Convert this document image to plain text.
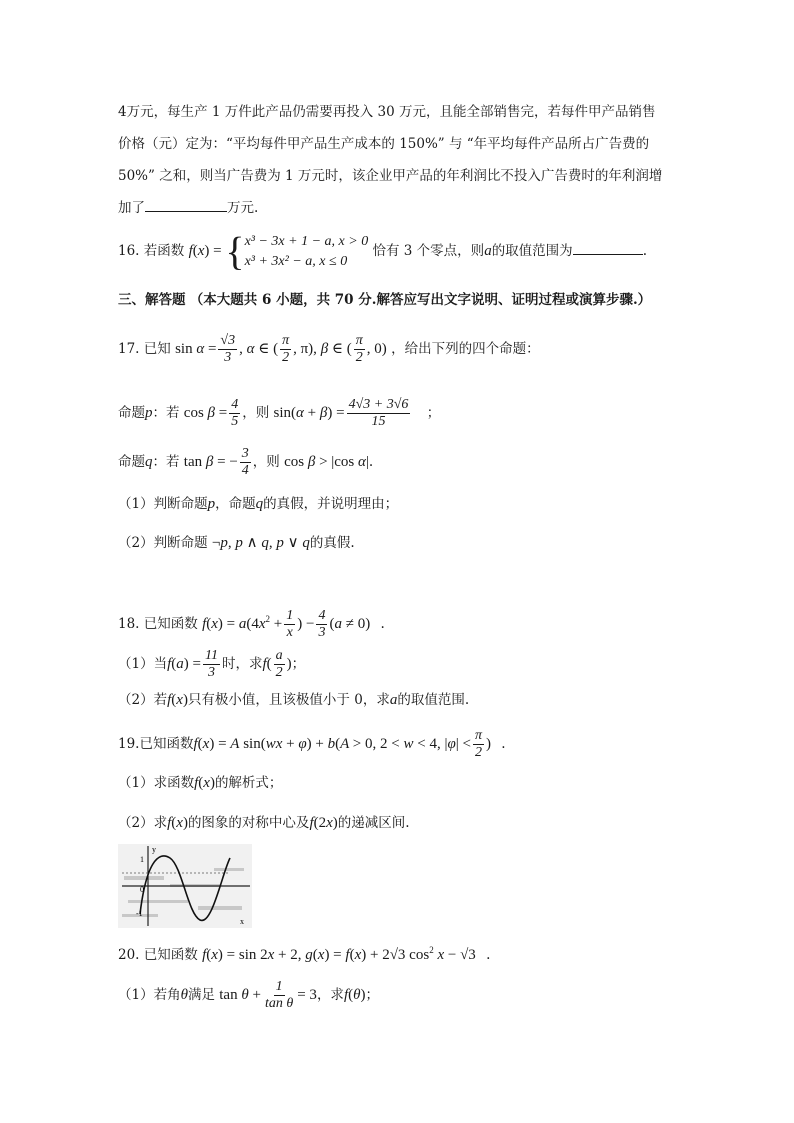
4万元，每生产 1 万件此产品仍需要再投入 30 万元，且能全部销售完，若每件甲产品销售
价格（元）定为：“平均每件甲产品生产成本的 150%” 与 “年平均每件产品所占广告费的
50%” 之和，则当广告费为 1 万元时，该企业甲产品的年利润比不投入广告费时的年利润增
加了	万元.
16. 若函数 f(x) = { x³ − 3x + 1 − a, x > 0
x³ + 3x² − a, x ≤ 0
恰有 3 个零点，则a的取值范围为	.
三、解答题 （本大题共 6 小题，共 70 分.解答应写出文字说明、证明过程或演算步骤.）
17. 已知 $\sin \alpha = \frac{√3}{3}$ , α ∈ ( $\frac{\pi}{2}$ , π), β ∈ ( $\frac{\pi}{2}$ , 0) ，给出下列的四个命题：
命题p：若 $\cos \beta = \frac{4}{5}$ ，则 $\sin(\alpha + \beta) = \frac{4√3 + 3√6}{15}$ ；
命题q：若 tan β = − $\frac{3}{4}$ ，则 cos β > |cos α|.
（1）判断命题p，命题q的真假，并说明理由；
（2）判断命题 ¬p, p ∧ q, p ∨ q的真假.
18. 已知函数 $f(x) = a(4x^2 + \frac{1}{x}$ ) − $\frac{4}{3} (a \ne 0)$ .
（1）当$f(a) = \frac{11}{3}$ 时，求$f( \frac{a}{2}$ )；
（2）若f(x)只有极小值，且该极值小于 0，求a的取值范围.
19.已知函数f(x) = A sin(wx + φ) + b(A > 0, 2 < w < 4, $|\varphi| < \frac{\pi}{2}$ ) .
（1）求函数f(x)的解析式；
（2）求f(x)的图象的对称中心及f(2x)的递减区间.
y
x
1
0
-1
20. 已知函数 f(x) = sin 2x + 2, g(x) = f(x) + 2√3 $\cos^2 x - √3$ .
（1）若角θ满足 $\tan \theta + \frac{1}{\text{tan θ}} = 3$，求f(θ)；
